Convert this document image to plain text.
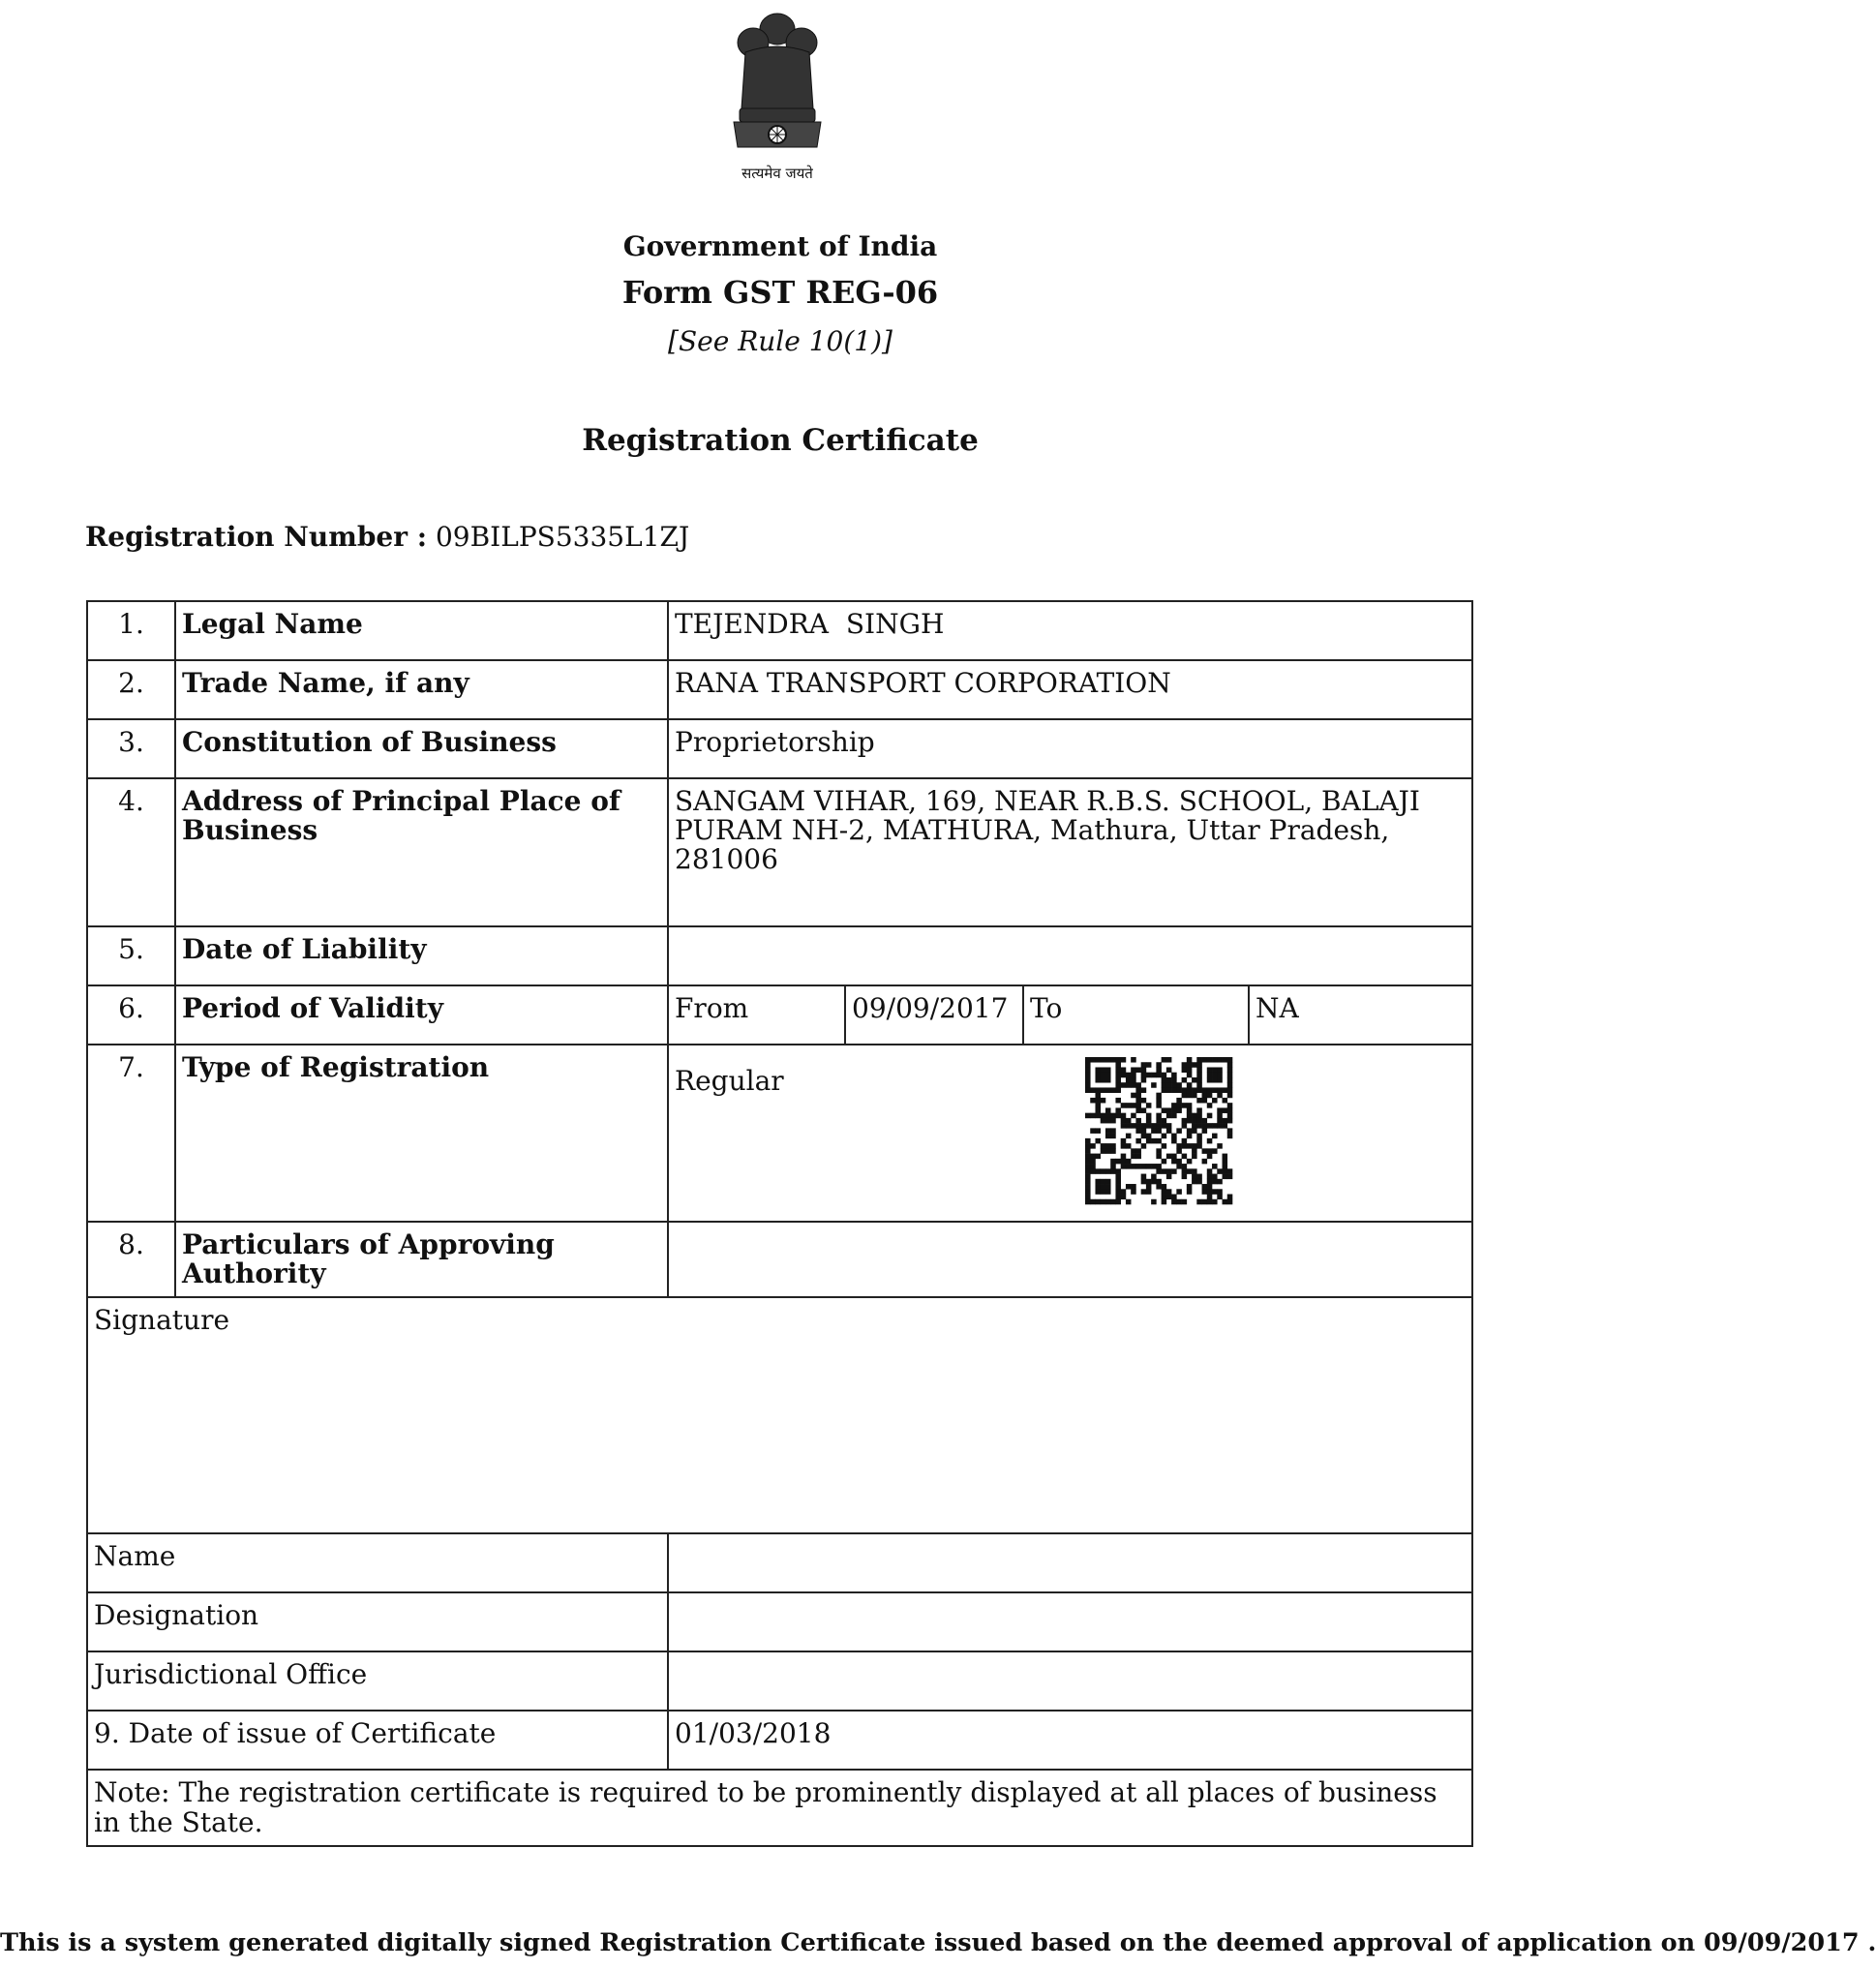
सत्यमेव जयते
Government of India
Form GST REG-06
[See Rule 10(1)]
Registration Certificate
Registration Number : 09BILPS5335L1ZJ
1.	Legal Name	TEJENDRA  SINGH			
2.	Trade Name, if any	RANA TRANSPORT CORPORATION			
3.	Constitution of Business	Proprietorship			
4.	Address of Principal Place of Business	SANGAM VIHAR, 169, NEAR R.B.S. SCHOOL, BALAJI PURAM NH-2, MATHURA, Mathura, Uttar Pradesh, 281006			
5.	Date of Liability				
6.	Period of Validity	From	09/09/2017	To	NA
7.	Type of Registration	Regular			

8.	Particulars of Approving Authority				
Signature					
Name					
Designation					
Jurisdictional Office					
9. Date of issue of Certificate		01/03/2018			
Note: The registration certificate is required to be prominently displayed at all places of business in the State.					
This is a system generated digitally signed Registration Certificate issued based on the deemed approval of application on 09/09/2017 .
